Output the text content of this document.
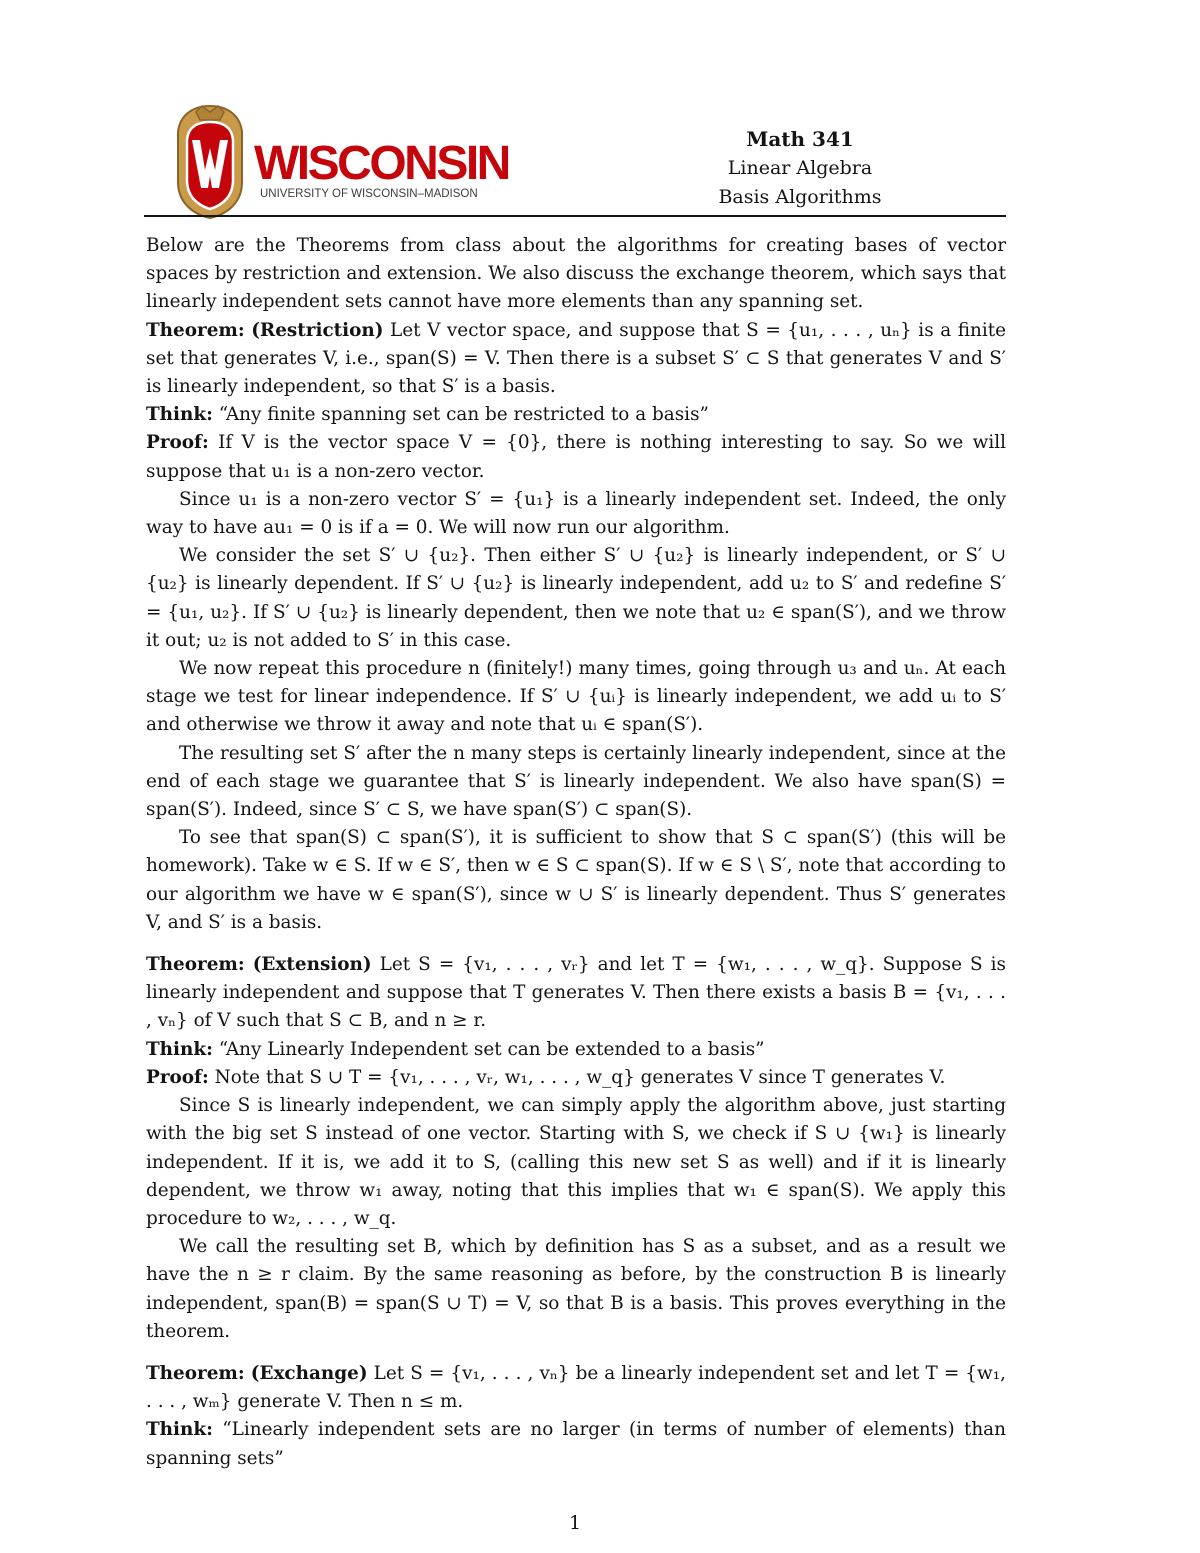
WISCONSIN
UNIVERSITY OF WISCONSIN–MADISON
Math 341
Linear Algebra
Basis Algorithms

Below are the Theorems from class about the algorithms for creating bases of vector spaces by restriction and extension. We also discuss the exchange theorem, which says that linearly independent sets cannot have more elements than any spanning set.

Theorem: (Restriction) Let V vector space, and suppose that S = {u₁, . . . , uₙ} is a finite set that generates V, i.e., span(S) = V. Then there is a subset S′ ⊂ S that generates V and S′ is linearly independent, so that S′ is a basis.

Think: “Any finite spanning set can be restricted to a basis”

Proof: If V is the vector space V = {0}, there is nothing interesting to say. So we will suppose that u₁ is a non-zero vector.

Since u₁ is a non-zero vector S′ = {u₁} is a linearly independent set. Indeed, the only way to have au₁ = 0 is if a = 0. We will now run our algorithm.

We consider the set S′ ∪ {u₂}. Then either S′ ∪ {u₂} is linearly independent, or S′ ∪ {u₂} is linearly dependent. If S′ ∪ {u₂} is linearly independent, add u₂ to S′ and redefine S′ = {u₁, u₂}. If S′ ∪ {u₂} is linearly dependent, then we note that u₂ ∈ span(S′), and we throw it out; u₂ is not added to S′ in this case.

We now repeat this procedure n (finitely!) many times, going through u₃ and uₙ. At each stage we test for linear independence. If S′ ∪ {uᵢ} is linearly independent, we add uᵢ to S′ and otherwise we throw it away and note that uᵢ ∈ span(S′).

The resulting set S′ after the n many steps is certainly linearly independent, since at the end of each stage we guarantee that S′ is linearly independent. We also have span(S) = span(S′). Indeed, since S′ ⊂ S, we have span(S′) ⊂ span(S).

To see that span(S) ⊂ span(S′), it is sufficient to show that S ⊂ span(S′) (this will be homework). Take w ∈ S. If w ∈ S′, then w ∈ S ⊂ span(S). If w ∈ S \ S′, note that according to our algorithm we have w ∈ span(S′), since w ∪ S′ is linearly dependent. Thus S′ generates V, and S′ is a basis.

Theorem: (Extension) Let S = {v₁, . . . , vᵣ} and let T = {w₁, . . . , w_q}. Suppose S is linearly independent and suppose that T generates V. Then there exists a basis B = {v₁, . . . , vₙ} of V such that S ⊂ B, and n ≥ r.

Think: “Any Linearly Independent set can be extended to a basis”

Proof: Note that S ∪ T = {v₁, . . . , vᵣ, w₁, . . . , w_q} generates V since T generates V.

Since S is linearly independent, we can simply apply the algorithm above, just starting with the big set S instead of one vector. Starting with S, we check if S ∪ {w₁} is linearly independent. If it is, we add it to S, (calling this new set S as well) and if it is linearly dependent, we throw w₁ away, noting that this implies that w₁ ∈ span(S). We apply this procedure to w₂, . . . , w_q.

We call the resulting set B, which by definition has S as a subset, and as a result we have the n ≥ r claim. By the same reasoning as before, by the construction B is linearly independent, span(B) = span(S ∪ T) = V, so that B is a basis. This proves everything in the theorem.

Theorem: (Exchange) Let S = {v₁, . . . , vₙ} be a linearly independent set and let T = {w₁, . . . , wₘ} generate V. Then n ≤ m.

Think: “Linearly independent sets are no larger (in terms of number of elements) than spanning sets”

1
